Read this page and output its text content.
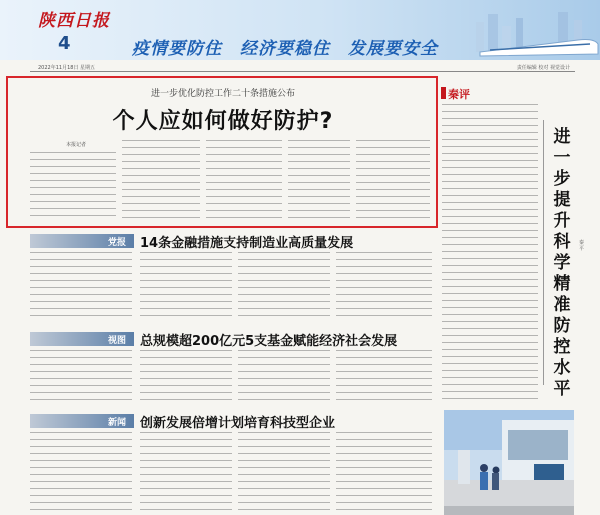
陕西日报
4	疫情要防住　经济要稳住　发展要安全
2022年11月18日 星期五	责任编辑 校对 视觉设计
进一步优化防控工作二十条措施公布
个人应如何做好防护?
本报记者
党报 14条金融措施支持制造业高质量发展
视图 总规模超200亿元5支基金赋能经济社会发展
新闻 创新发展倍增计划培育科技型企业
秦评
进一步提升科学精准防控水平
秦平
